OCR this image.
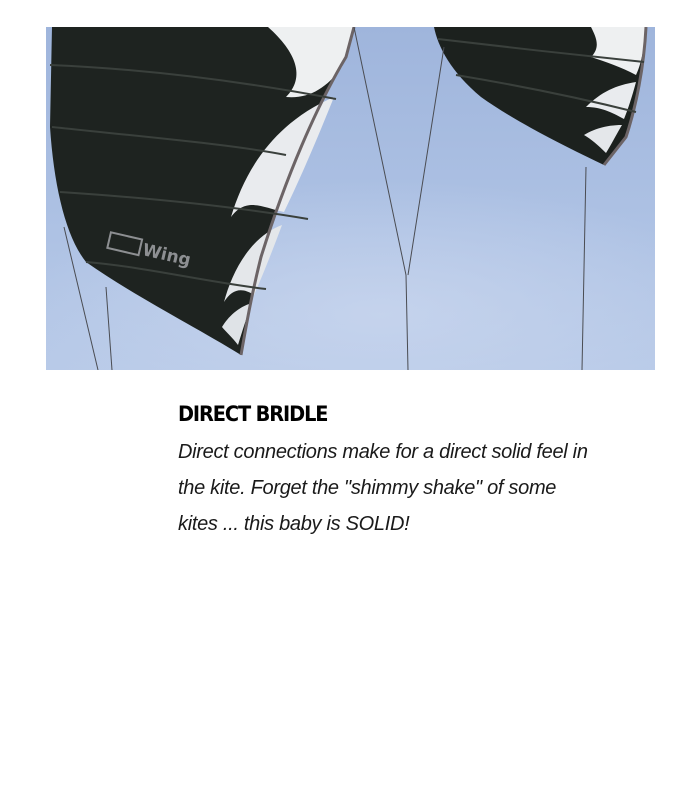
Wing
DIRECT BRIDLE

Direct connections make for a direct solid feel in the kite. Forget the "shimmy shake" of some kites ... this baby is SOLID!
